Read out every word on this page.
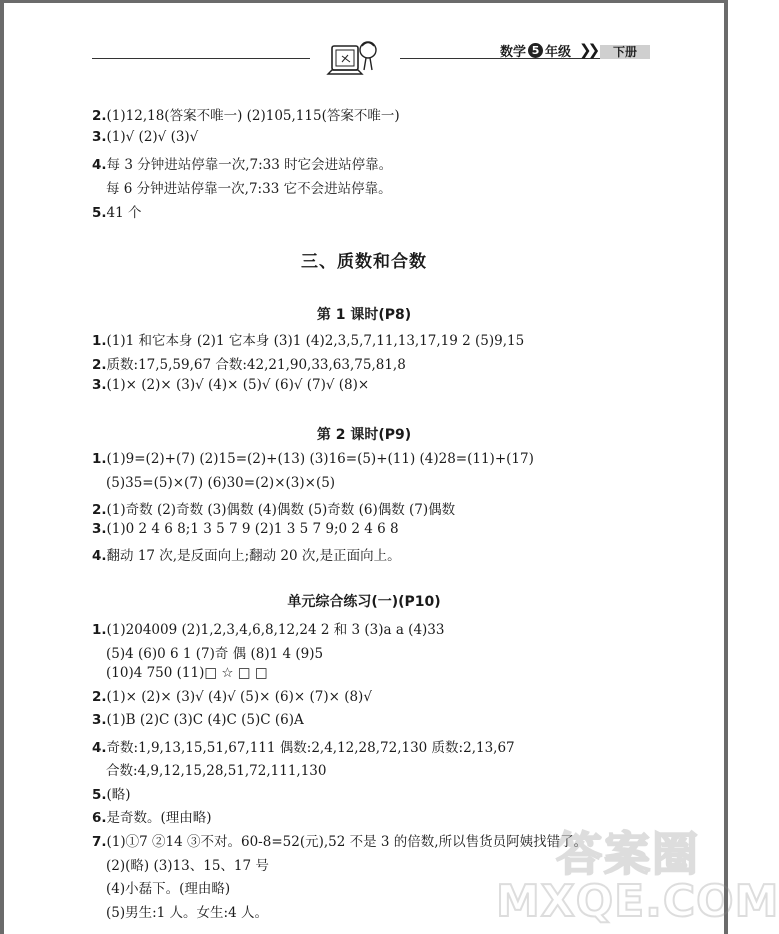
数学 5 年级 ❯❯	下册
2.(1)12,18(答案不唯一) (2)105,115(答案不唯一)
3.(1)√ (2)√ (3)√
4.每 3 分钟进站停靠一次,7:33 时它会进站停靠。
每 6 分钟进站停靠一次,7:33 它不会进站停靠。
5.41 个
三、质数和合数
第 1 课时(P8)
1.(1)1 和它本身 (2)1 它本身 (3)1 (4)2,3,5,7,11,13,17,19 2 (5)9,15
2.质数:17,5,59,67 合数:42,21,90,33,63,75,81,8
3.(1)× (2)× (3)√ (4)× (5)√ (6)√ (7)√ (8)×
第 2 课时(P9)
1.(1)9=(2)+(7) (2)15=(2)+(13) (3)16=(5)+(11) (4)28=(11)+(17)
(5)35=(5)×(7) (6)30=(2)×(3)×(5)
2.(1)奇数 (2)奇数 (3)偶数 (4)偶数 (5)奇数 (6)偶数 (7)偶数
3.(1)0 2 4 6 8;1 3 5 7 9 (2)1 3 5 7 9;0 2 4 6 8
4.翻动 17 次,是反面向上;翻动 20 次,是正面向上。
单元综合练习(一)(P10)
1.(1)204009 (2)1,2,3,4,6,8,12,24 2 和 3 (3)a a (4)33
(5)4 (6)0 6 1 (7)奇 偶 (8)1 4 (9)5
(10)4 750 (11)□ ☆ □ □
2.(1)× (2)× (3)√ (4)√ (5)× (6)× (7)× (8)√
3.(1)B (2)C (3)C (4)C (5)C (6)A
4.奇数:1,9,13,15,51,67,111 偶数:2,4,12,28,72,130 质数:2,13,67
合数:4,9,12,15,28,51,72,111,130
5.(略)
6.是奇数。(理由略)
7.(1)①7 ②14 ③不对。60-8=52(元),52 不是 3 的倍数,所以售货员阿姨找错了。
(2)(略) (3)13、15、17 号
(4)小磊下。(理由略)
(5)男生:1 人。女生:4 人。
答案圈
MXQE.COM
